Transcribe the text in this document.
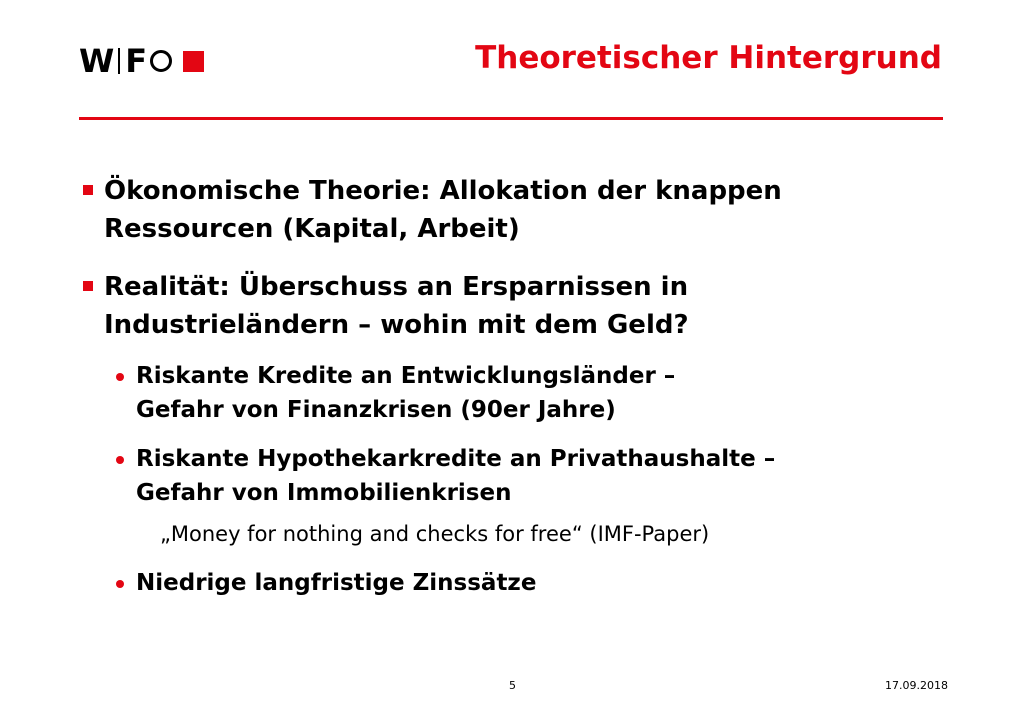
W F	Theoretischer Hintergrund
Ökonomische Theorie: Allokation der knappen
Ressourcen (Kapital, Arbeit)
Realität: Überschuss an Ersparnissen in
Industrieländern – wohin mit dem Geld?
Riskante Kredite an Entwicklungsländer –
Gefahr von Finanzkrisen (90er Jahre)
Riskante Hypothekarkredite an Privathaushalte –
Gefahr von Immobilienkrisen
„Money for nothing and checks for free“ (IMF-Paper)
Niedrige langfristige Zinssätze
5	17.09.2018
